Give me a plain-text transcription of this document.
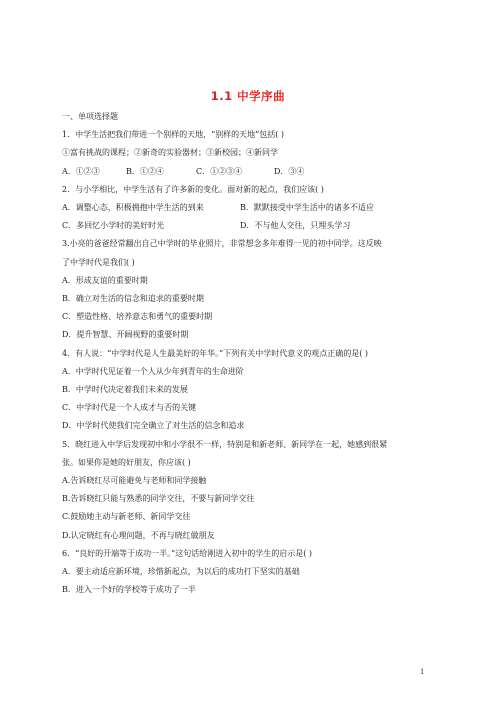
1.1 中学序曲
一、单项选择题
1．中学生活把我们带进一个别样的天地，“别样的天地”包括( )
①富有挑战的课程；②新奇的实验器材；③新校园；④新同学
A．①②③	B．①②④	C．①②③④	D．③④
2．与小学相比，中学生活有了许多新的变化。面对新的起点，我们应该( )
A．调整心态，积极拥抱中学生活的到来	B．默默接受中学生活中的诸多不适应
C．多回忆小学时的美好时光	D．不与他人交往，只埋头学习
3.小亮的爸爸经常翻出自己中学时的毕业照片，非常想念多年难得一见的初中同学。这反映
了中学时代是我们( )
A．形成友谊的重要时期
B．确立对生活的信念和追求的重要时期
C．塑造性格、培养意志和勇气的重要时期
D．提升智慧、开阔视野的重要时期
4．有人说：“中学时代是人生最美好的年华。”下列有关中学时代意义的观点正确的是( )
A．中学时代见证着一个人从少年到青年的生命进阶
B．中学时代决定着我们未来的发展
C．中学时代是一个人成才与否的关键
D．中学时代使我们完全确立了对生活的信念和追求
5．晓红进入中学后发现初中和小学很不一样，特别是和新老师、新同学在一起，她感到很紧
张。如果你是她的好朋友，你应该( )
A.告诉晓红尽可能避免与老师和同学接触
B.告诉晓红只能与熟悉的同学交往，不要与新同学交往
C.鼓励她主动与新老师、新同学交往
D.认定晓红有心理问题，不再与晓红做朋友
6．“良好的开端等于成功一半。”这句话给刚进入初中的学生的启示是( )
A．要主动适应新环境，珍惜新起点，为以后的成功打下坚实的基础
B．进入一个好的学校等于成功了一半
1
